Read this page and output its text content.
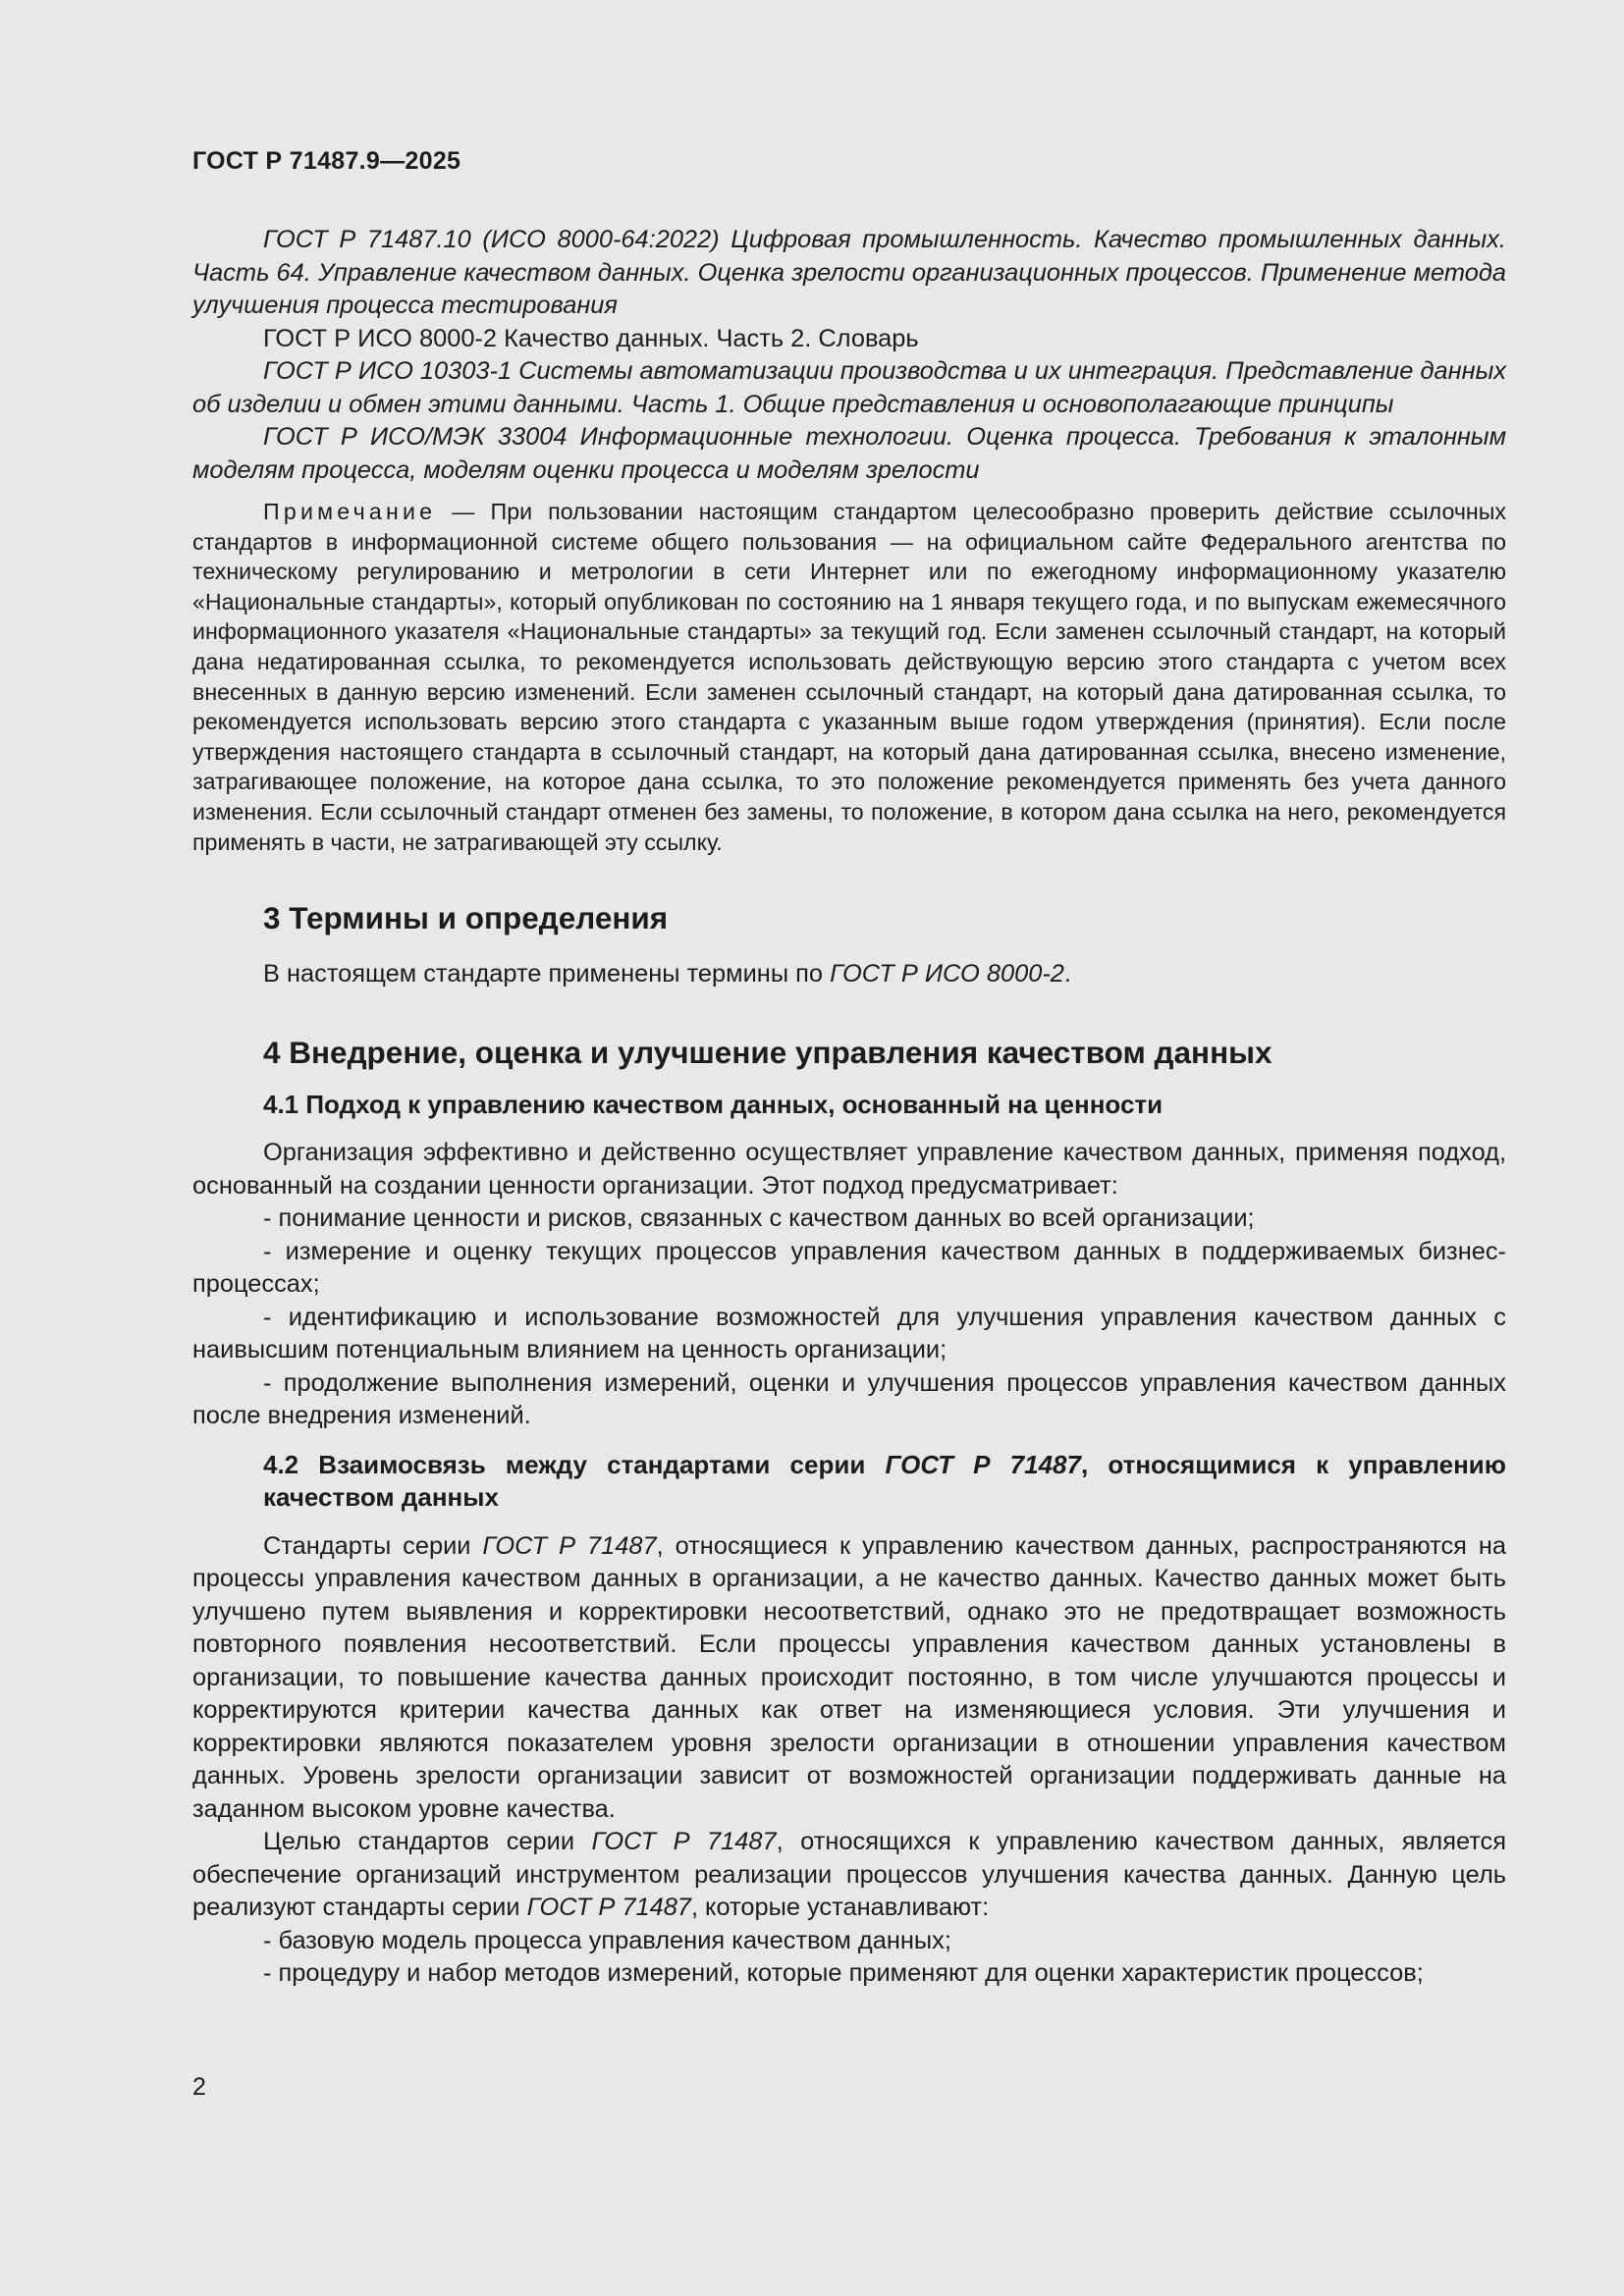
ГОСТ Р 71487.9—2025

ГОСТ Р 71487.10 (ИСО 8000-64:2022) Цифровая промышленность. Качество промышленных данных. Часть 64. Управление качеством данных. Оценка зрелости организационных процессов. Применение метода улучшения процесса тестирования

ГОСТ Р ИСО 8000-2 Качество данных. Часть 2. Словарь

ГОСТ Р ИСО 10303-1 Системы автоматизации производства и их интеграция. Представление данных об изделии и обмен этими данными. Часть 1. Общие представления и основополагающие принципы

ГОСТ Р ИСО/МЭК 33004 Информационные технологии. Оценка процесса. Требования к эталонным моделям процесса, моделям оценки процесса и моделям зрелости

Примечание — При пользовании настоящим стандартом целесообразно проверить действие ссылочных стандартов в информационной системе общего пользования — на официальном сайте Федерального агентства по техническому регулированию и метрологии в сети Интернет или по ежегодному информационному указателю «Национальные стандарты», который опубликован по состоянию на 1 января текущего года, и по выпускам ежемесячного информационного указателя «Национальные стандарты» за текущий год. Если заменен ссылочный стандарт, на который дана недатированная ссылка, то рекомендуется использовать действующую версию этого стандарта с учетом всех внесенных в данную версию изменений. Если заменен ссылочный стандарт, на который дана датированная ссылка, то рекомендуется использовать версию этого стандарта с указанным выше годом утверждения (принятия). Если после утверждения настоящего стандарта в ссылочный стандарт, на который дана датированная ссылка, внесено изменение, затрагивающее положение, на которое дана ссылка, то это положение рекомендуется применять без учета данного изменения. Если ссылочный стандарт отменен без замены, то положение, в котором дана ссылка на него, рекомендуется применять в части, не затрагивающей эту ссылку.

3 Термины и определения

В настоящем стандарте применены термины по ГОСТ Р ИСО 8000-2.

4 Внедрение, оценка и улучшение управления качеством данных
4.1 Подход к управлению качеством данных, основанный на ценности

Организация эффективно и действенно осуществляет управление качеством данных, применяя подход, основанный на создании ценности организации. Этот подход предусматривает:

- понимание ценности и рисков, связанных с качеством данных во всей организации;

- измерение и оценку текущих процессов управления качеством данных в поддерживаемых бизнес-процессах;

- идентификацию и использование возможностей для улучшения управления качеством данных с наивысшим потенциальным влиянием на ценность организации;

- продолжение выполнения измерений, оценки и улучшения процессов управления качеством данных после внедрения изменений.

4.2 Взаимосвязь между стандартами серии ГОСТ Р 71487, относящимися к управлению качеством данных

Стандарты серии ГОСТ Р 71487, относящиеся к управлению качеством данных, распространяются на процессы управления качеством данных в организации, а не качество данных. Качество данных может быть улучшено путем выявления и корректировки несоответствий, однако это не предотвращает возможность повторного появления несоответствий. Если процессы управления качеством данных установлены в организации, то повышение качества данных происходит постоянно, в том числе улучшаются процессы и корректируются критерии качества данных как ответ на изменяющиеся условия. Эти улучшения и корректировки являются показателем уровня зрелости организации в отношении управления качеством данных. Уровень зрелости организации зависит от возможностей организации поддерживать данные на заданном высоком уровне качества.

Целью стандартов серии ГОСТ Р 71487, относящихся к управлению качеством данных, является обеспечение организаций инструментом реализации процессов улучшения качества данных. Данную цель реализуют стандарты серии ГОСТ Р 71487, которые устанавливают:

- базовую модель процесса управления качеством данных;

- процедуру и набор методов измерений, которые применяют для оценки характеристик процессов;

2
